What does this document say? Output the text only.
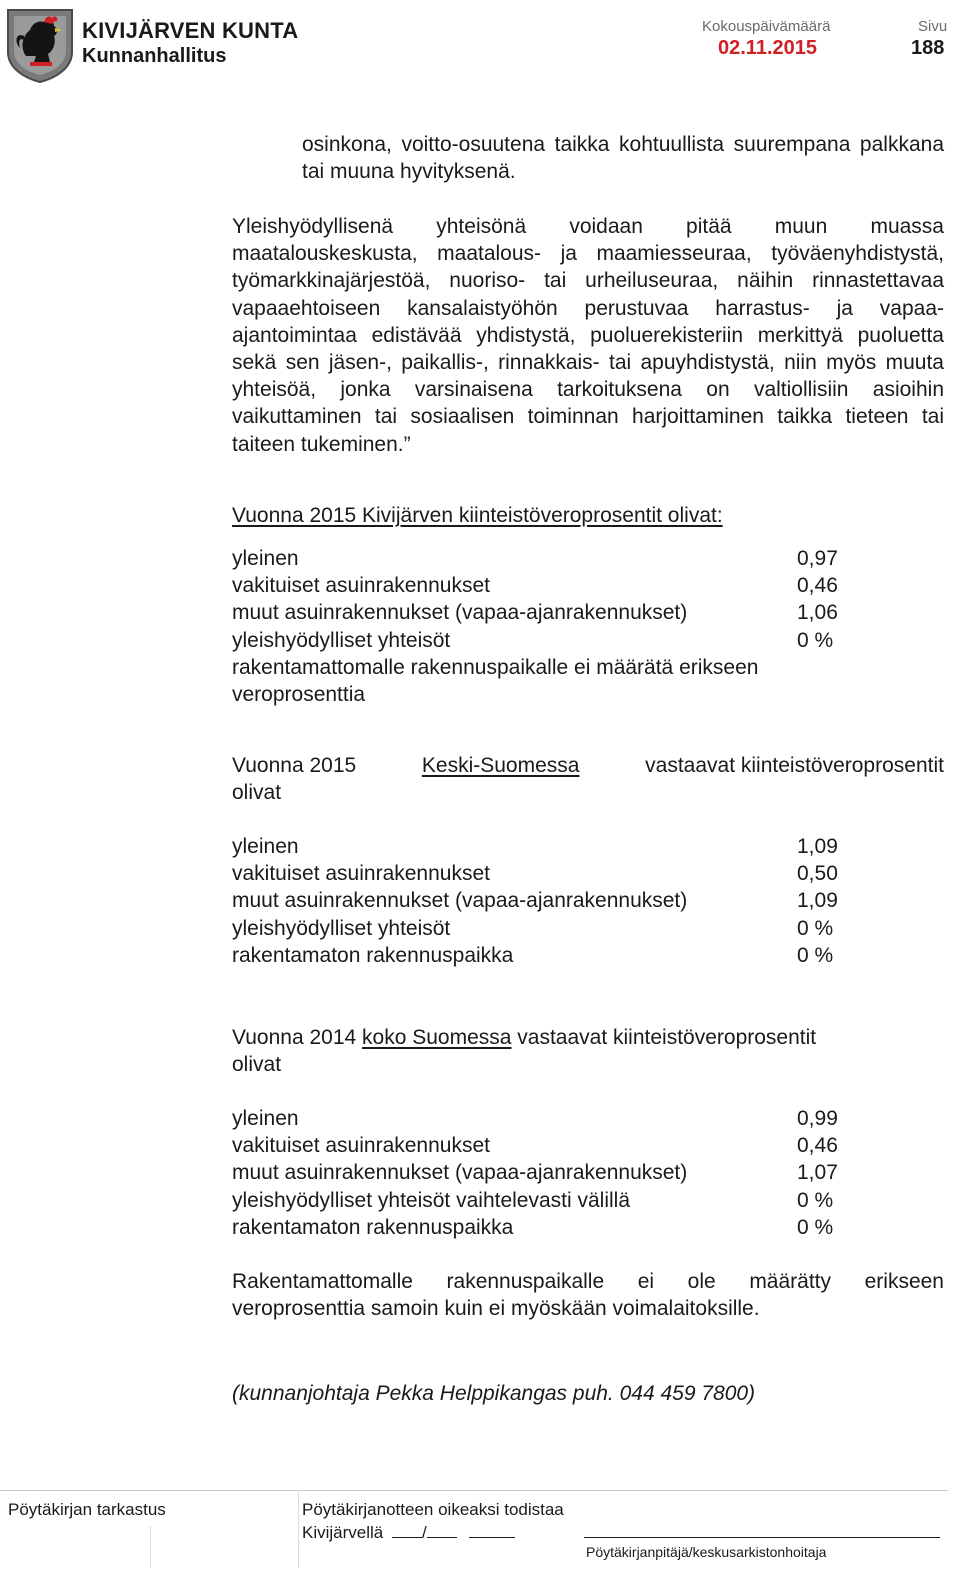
KIVIJÄRVEN KUNTA
Kunnanhallitus
Kokouspäivämäärä
02.11.2015
Sivu
188
osinkona, voitto-osuutena taikka kohtuullista suurempana palkkana tai muuna hyvityksenä.
Yleishyödyllisenä yhteisönä voidaan pitää muun muassa maatalouskeskusta, maatalous- ja maamiesseuraa, työväenyhdistystä, työmarkkinajärjestöä, nuoriso- tai urheiluseuraa, näihin rinnastettavaa vapaaehtoiseen kansalaistyöhön perustuvaa harrastus- ja vapaa-ajantoimintaa edistävää yhdistystä, puoluerekisteriin merkittyä puoluetta sekä sen jäsen-, paikallis-, rinnakkais- tai apuyhdistystä, niin myös muuta yhteisöä, jonka varsinaisena tarkoituksena on valtiollisiin asioihin vaikuttaminen tai sosiaalisen toiminnan harjoittaminen taikka tieteen tai taiteen tukeminen.”
Vuonna 2015 Kivijärven kiinteistöveroprosentit olivat:
yleinen	0,97
vakituiset asuinrakennukset	0,46
muut asuinrakennukset (vapaa-ajanrakennukset)	1,06
yleishyödylliset yhteisöt	0 %
rakentamattomalle rakennuspaikalle ei määrätä erikseen
veroprosenttia
Vuonna 2015	Keski-Suomessa	vastaavat kiinteistöveroprosentit
olivat
yleinen	1,09
vakituiset asuinrakennukset	0,50
muut asuinrakennukset (vapaa-ajanrakennukset)	1,09
yleishyödylliset yhteisöt	0 %
rakentamaton rakennuspaikka	0 %
Vuonna 2014 koko Suomessa vastaavat kiinteistöveroprosentit
olivat
yleinen	0,99
vakituiset asuinrakennukset	0,46
muut asuinrakennukset (vapaa-ajanrakennukset)	1,07
yleishyödylliset yhteisöt vaihtelevasti välillä	0 %
rakentamaton rakennuspaikka	0 %
Rakentamattomalle rakennuspaikalle ei ole määrätty erikseen veroprosenttia samoin kuin ei myöskään voimalaitoksille.
(kunnanjohtaja Pekka Helppikangas puh. 044 459 7800)
Pöytäkirjan tarkastus	Pöytäkirjanotteen oikeaksi todistaa
Kivijärvellä /
Pöytäkirjanpitäjä/keskusarkistonhoitaja
